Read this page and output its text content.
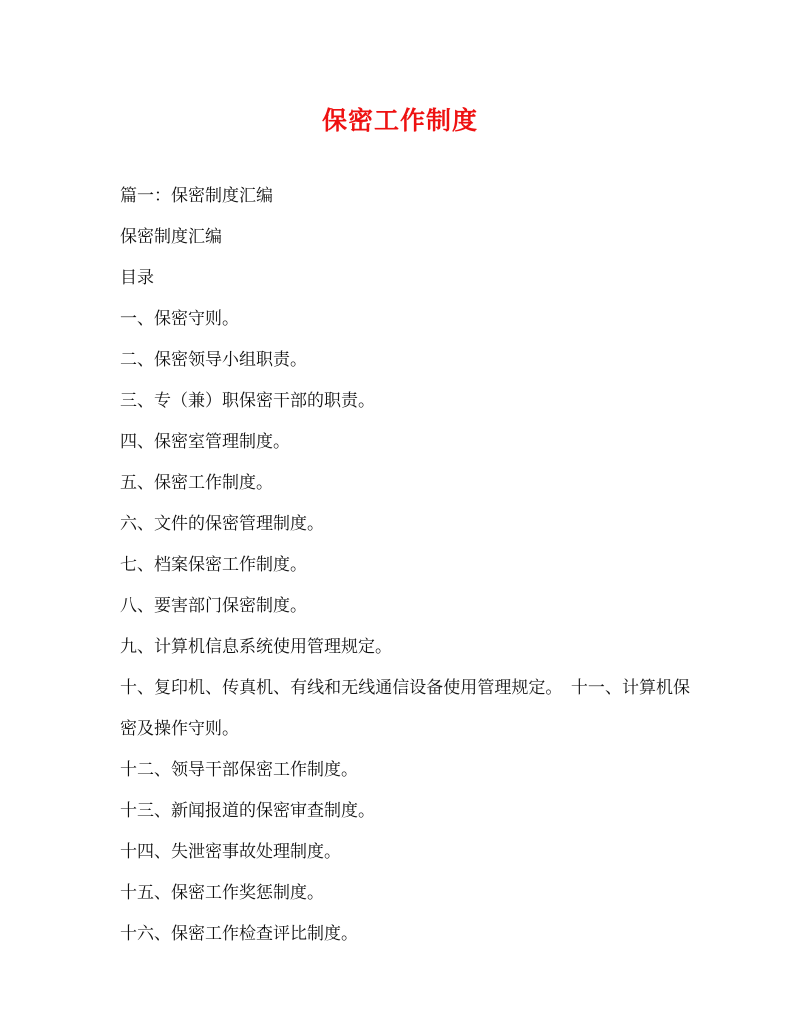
保密工作制度

篇一：保密制度汇编

保密制度汇编

目录

一、保密守则。

二、保密领导小组职责。

三、专（兼）职保密干部的职责。

四、保密室管理制度。

五、保密工作制度。

六、文件的保密管理制度。

七、档案保密工作制度。

八、要害部门保密制度。

九、计算机信息系统使用管理规定。

十、复印机、传真机、有线和无线通信设备使用管理规定。　十一、计算机保密及操作守则。

十二、领导干部保密工作制度。

十三、新闻报道的保密审查制度。

十四、失泄密事故处理制度。

十五、保密工作奖惩制度。

十六、保密工作检查评比制度。
